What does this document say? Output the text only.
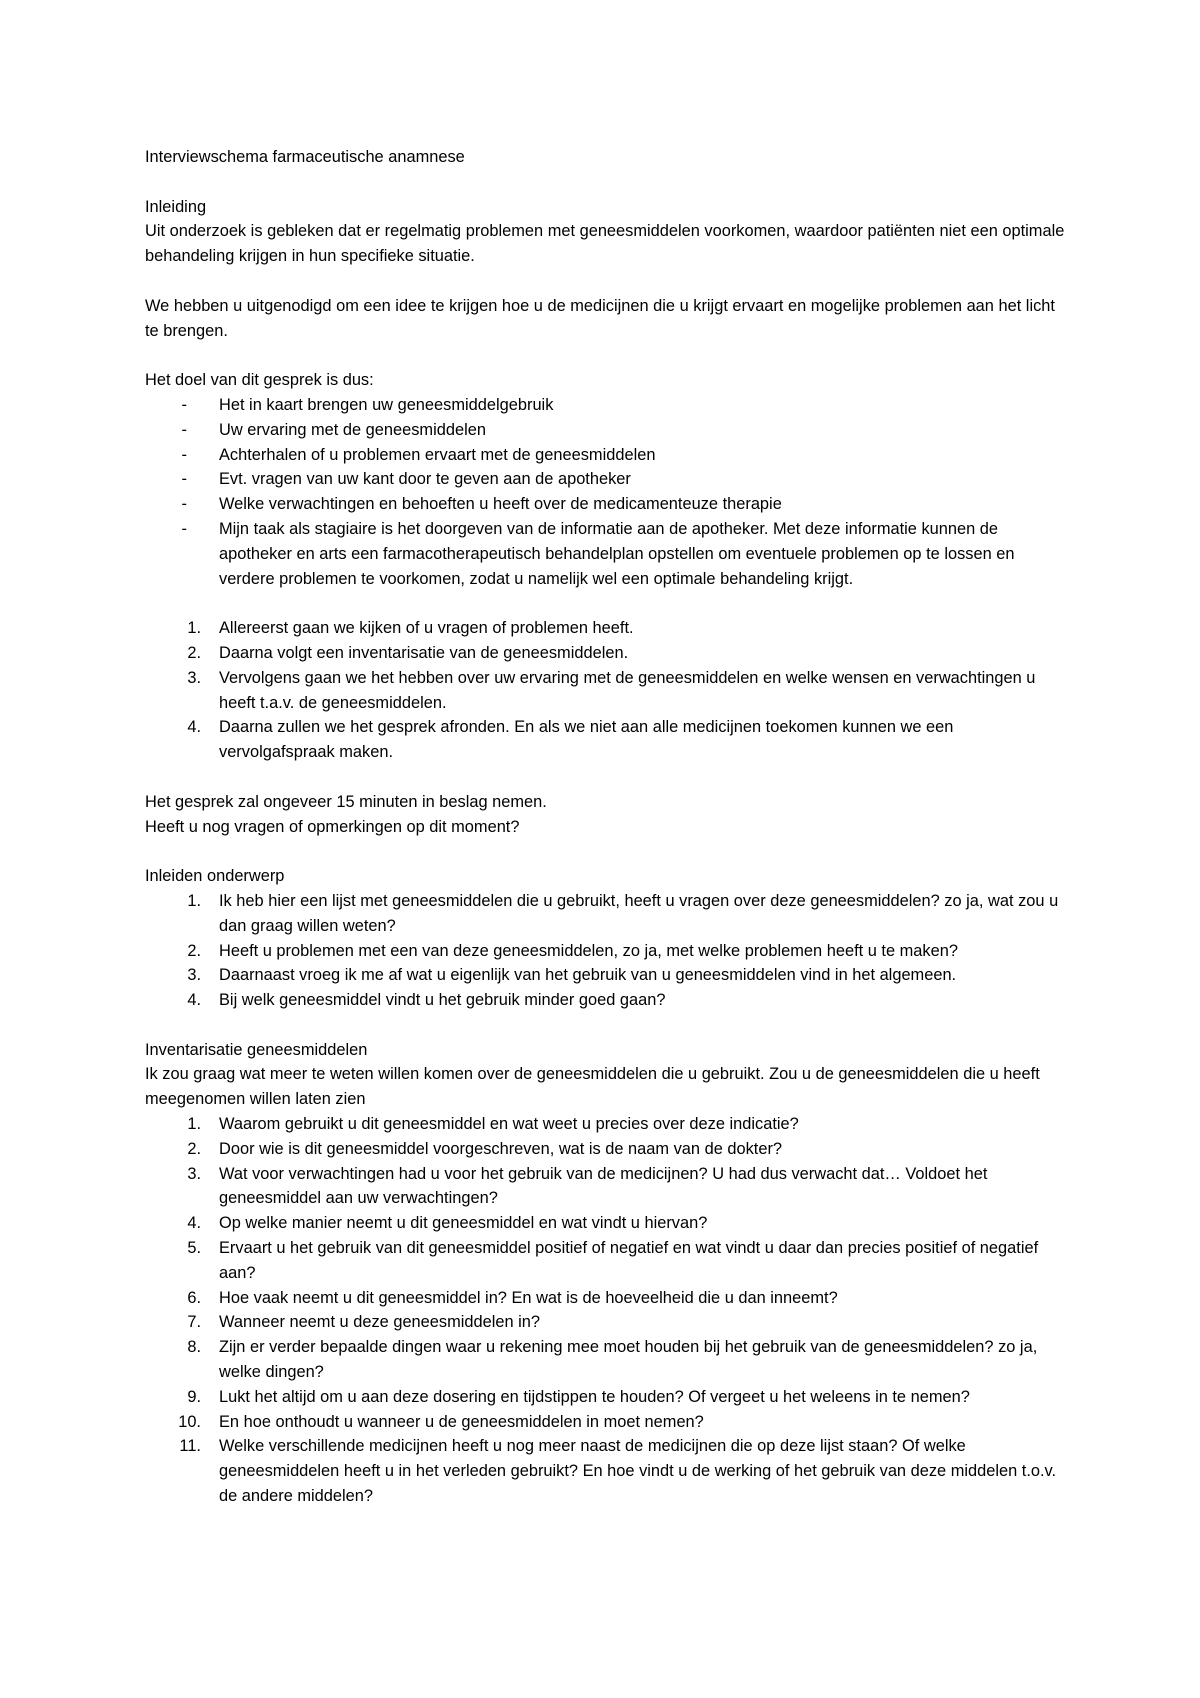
Interviewschema farmaceutische anamnese

Inleiding
Uit onderzoek is gebleken dat er regelmatig problemen met geneesmiddelen voorkomen, waardoor patiënten niet een optimale behandeling krijgen in hun specifieke situatie.

We hebben u uitgenodigd om een idee te krijgen hoe u de medicijnen die u krijgt ervaart en mogelijke problemen aan het licht te brengen.

Het doel van dit gesprek is dus:

- Het in kaart brengen uw geneesmiddelgebruik
- Uw ervaring met de geneesmiddelen
- Achterhalen of u problemen ervaart met de geneesmiddelen
- Evt. vragen van uw kant door te geven aan de apotheker
- Welke verwachtingen en behoeften u heeft over de medicamenteuze therapie
- Mijn taak als stagiaire is het doorgeven van de informatie aan de apotheker. Met deze informatie kunnen de apotheker en arts een farmacotherapeutisch behandelplan opstellen om eventuele problemen op te lossen en verdere problemen te voorkomen, zodat u namelijk wel een optimale behandeling krijgt.
1. Allereerst gaan we kijken of u vragen of problemen heeft.
2. Daarna volgt een inventarisatie van de geneesmiddelen.
3. Vervolgens gaan we het hebben over uw ervaring met de geneesmiddelen en welke wensen en verwachtingen u heeft t.a.v. de geneesmiddelen.
4. Daarna zullen we het gesprek afronden. En als we niet aan alle medicijnen toekomen kunnen we een vervolgafspraak maken.

Het gesprek zal ongeveer 15 minuten in beslag nemen.
Heeft u nog vragen of opmerkingen op dit moment?

Inleiden onderwerp

1. Ik heb hier een lijst met geneesmiddelen die u gebruikt, heeft u vragen over deze geneesmiddelen? zo ja, wat zou u dan graag willen weten?
2. Heeft u problemen met een van deze geneesmiddelen, zo ja, met welke problemen heeft u te maken?
3. Daarnaast vroeg ik me af wat u eigenlijk van het gebruik van u geneesmiddelen vind in het algemeen.
4. Bij welk geneesmiddel vindt u het gebruik minder goed gaan?

Inventarisatie geneesmiddelen
Ik zou graag wat meer te weten willen komen over de geneesmiddelen die u gebruikt. Zou u de geneesmiddelen die u heeft meegenomen willen laten zien

1. Waarom gebruikt u dit geneesmiddel en wat weet u precies over deze indicatie?
2. Door wie is dit geneesmiddel voorgeschreven, wat is de naam van de dokter?
3. Wat voor verwachtingen had u voor het gebruik van de medicijnen? U had dus verwacht dat… Voldoet het geneesmiddel aan uw verwachtingen?
4. Op welke manier neemt u dit geneesmiddel en wat vindt u hiervan?
5. Ervaart u het gebruik van dit geneesmiddel positief of negatief en wat vindt u daar dan precies positief of negatief aan?
6. Hoe vaak neemt u dit geneesmiddel in? En wat is de hoeveelheid die u dan inneemt?
7. Wanneer neemt u deze geneesmiddelen in?
8. Zijn er verder bepaalde dingen waar u rekening mee moet houden bij het gebruik van de geneesmiddelen? zo ja, welke dingen?
9. Lukt het altijd om u aan deze dosering en tijdstippen te houden? Of vergeet u het weleens in te nemen?
10. En hoe onthoudt u wanneer u de geneesmiddelen in moet nemen?
11. Welke verschillende medicijnen heeft u nog meer naast de medicijnen die op deze lijst staan? Of welke geneesmiddelen heeft u in het verleden gebruikt? En hoe vindt u de werking of het gebruik van deze middelen t.o.v. de andere middelen?
